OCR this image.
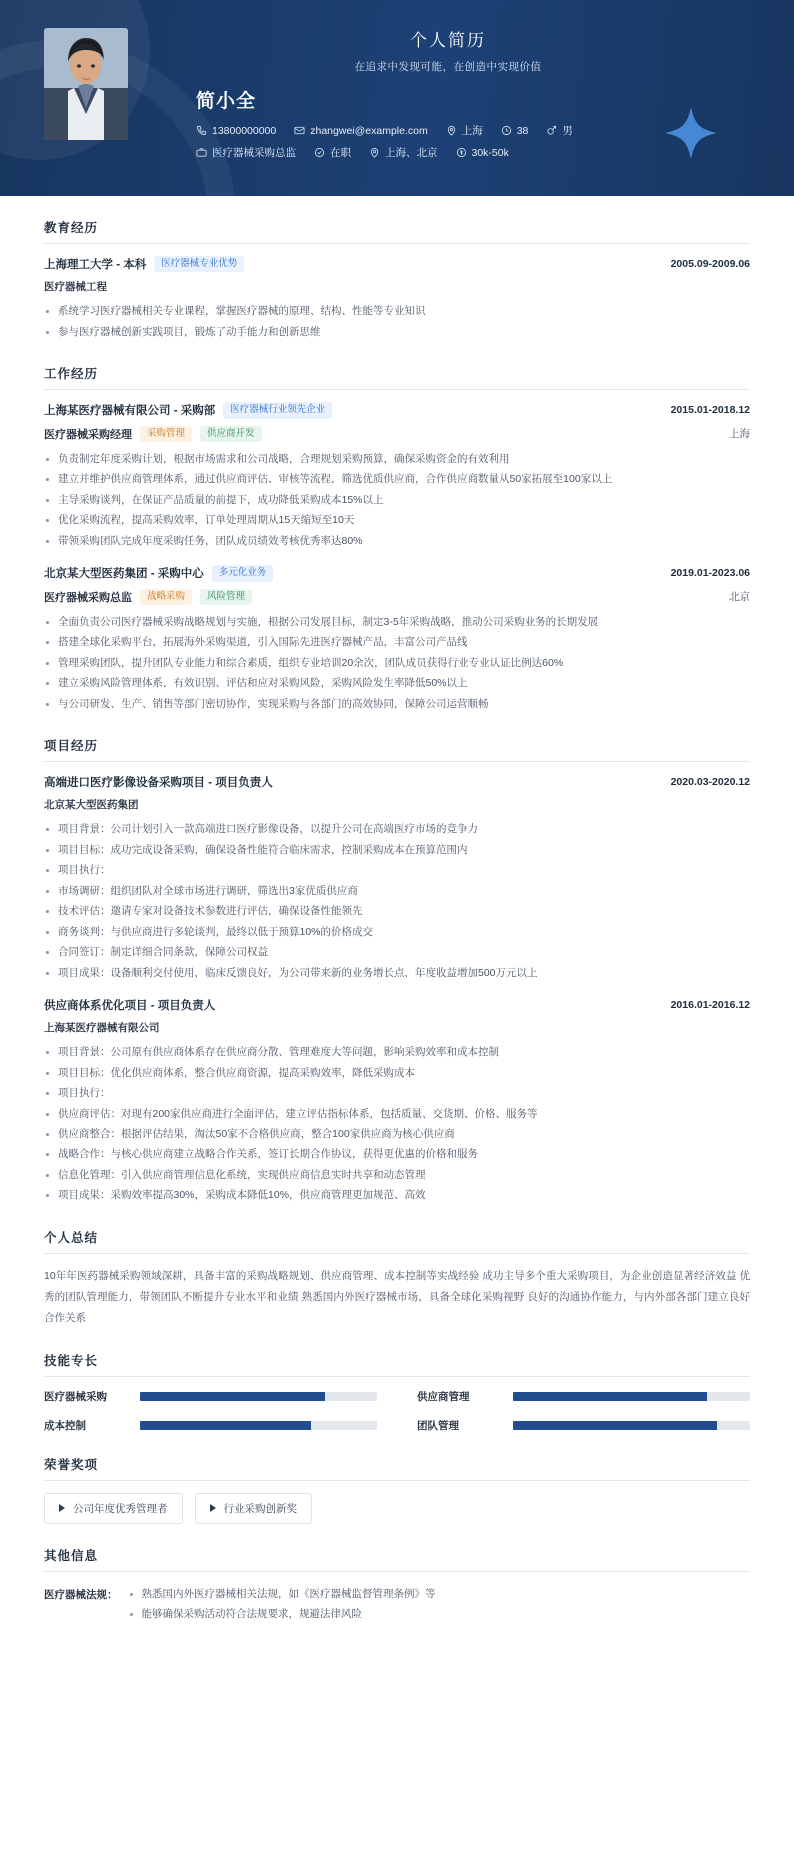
个人简历
在追求中发现可能，在创造中实现价值
简小全
13800000000	zhangwei@example.com	上海	38	男
医疗器械采购总监	在职	上海、北京	30k-50k
教育经历
上海理工大学 - 本科	医疗器械专业优势	2005.09-2009.06
医疗器械工程
系统学习医疗器械相关专业课程，掌握医疗器械的原理、结构、性能等专业知识
参与医疗器械创新实践项目，锻炼了动手能力和创新思维
工作经历
上海某医疗器械有限公司 - 采购部	医疗器械行业领先企业	2015.01-2018.12
医疗器械采购经理	采购管理	供应商开发	上海
负责制定年度采购计划，根据市场需求和公司战略，合理规划采购预算，确保采购资金的有效利用
建立并维护供应商管理体系，通过供应商评估、审核等流程，筛选优质供应商，合作供应商数量从50家拓展至100家以上
主导采购谈判，在保证产品质量的前提下，成功降低采购成本15%以上
优化采购流程，提高采购效率，订单处理周期从15天缩短至10天
带领采购团队完成年度采购任务，团队成员绩效考核优秀率达80%
北京某大型医药集团 - 采购中心	多元化业务	2019.01-2023.06
医疗器械采购总监	战略采购	风险管理	北京
全面负责公司医疗器械采购战略规划与实施，根据公司发展目标，制定3-5年采购战略，推动公司采购业务的长期发展
搭建全球化采购平台，拓展海外采购渠道，引入国际先进医疗器械产品，丰富公司产品线
管理采购团队，提升团队专业能力和综合素质，组织专业培训20余次，团队成员获得行业专业认证比例达60%
建立采购风险管理体系，有效识别、评估和应对采购风险，采购风险发生率降低50%以上
与公司研发、生产、销售等部门密切协作，实现采购与各部门的高效协同，保障公司运营顺畅
项目经历
高端进口医疗影像设备采购项目 - 项目负责人	2020.03-2020.12
北京某大型医药集团
项目背景：公司计划引入一款高端进口医疗影像设备，以提升公司在高端医疗市场的竞争力
项目目标：成功完成设备采购，确保设备性能符合临床需求，控制采购成本在预算范围内
项目执行：
市场调研：组织团队对全球市场进行调研，筛选出3家优质供应商
技术评估：邀请专家对设备技术参数进行评估，确保设备性能领先
商务谈判：与供应商进行多轮谈判，最终以低于预算10%的价格成交
合同签订：制定详细合同条款，保障公司权益
项目成果：设备顺利交付使用，临床反馈良好，为公司带来新的业务增长点，年度收益增加500万元以上
供应商体系优化项目 - 项目负责人	2016.01-2016.12
上海某医疗器械有限公司
项目背景：公司原有供应商体系存在供应商分散、管理难度大等问题，影响采购效率和成本控制
项目目标：优化供应商体系，整合供应商资源，提高采购效率，降低采购成本
项目执行：
供应商评估：对现有200家供应商进行全面评估，建立评估指标体系，包括质量、交货期、价格、服务等
供应商整合：根据评估结果，淘汰50家不合格供应商，整合100家供应商为核心供应商
战略合作：与核心供应商建立战略合作关系，签订长期合作协议，获得更优惠的价格和服务
信息化管理：引入供应商管理信息化系统，实现供应商信息实时共享和动态管理
项目成果：采购效率提高30%，采购成本降低10%，供应商管理更加规范、高效
个人总结
10年年医药器械采购领域深耕，具备丰富的采购战略规划、供应商管理、成本控制等实战经验 成功主导多个重大采购项目，为企业创造显著经济效益 优秀的团队管理能力，带领团队不断提升专业水平和业绩 熟悉国内外医疗器械市场，具备全球化采购视野 良好的沟通协作能力，与内外部各部门建立良好合作关系
技能专长
医疗器械采购	供应商管理
成本控制	团队管理
荣誉奖项
公司年度优秀管理者	行业采购创新奖
其他信息
医疗器械法规：	熟悉国内外医疗器械相关法规，如《医疗器械监督管理条例》等
能够确保采购活动符合法规要求，规避法律风险
